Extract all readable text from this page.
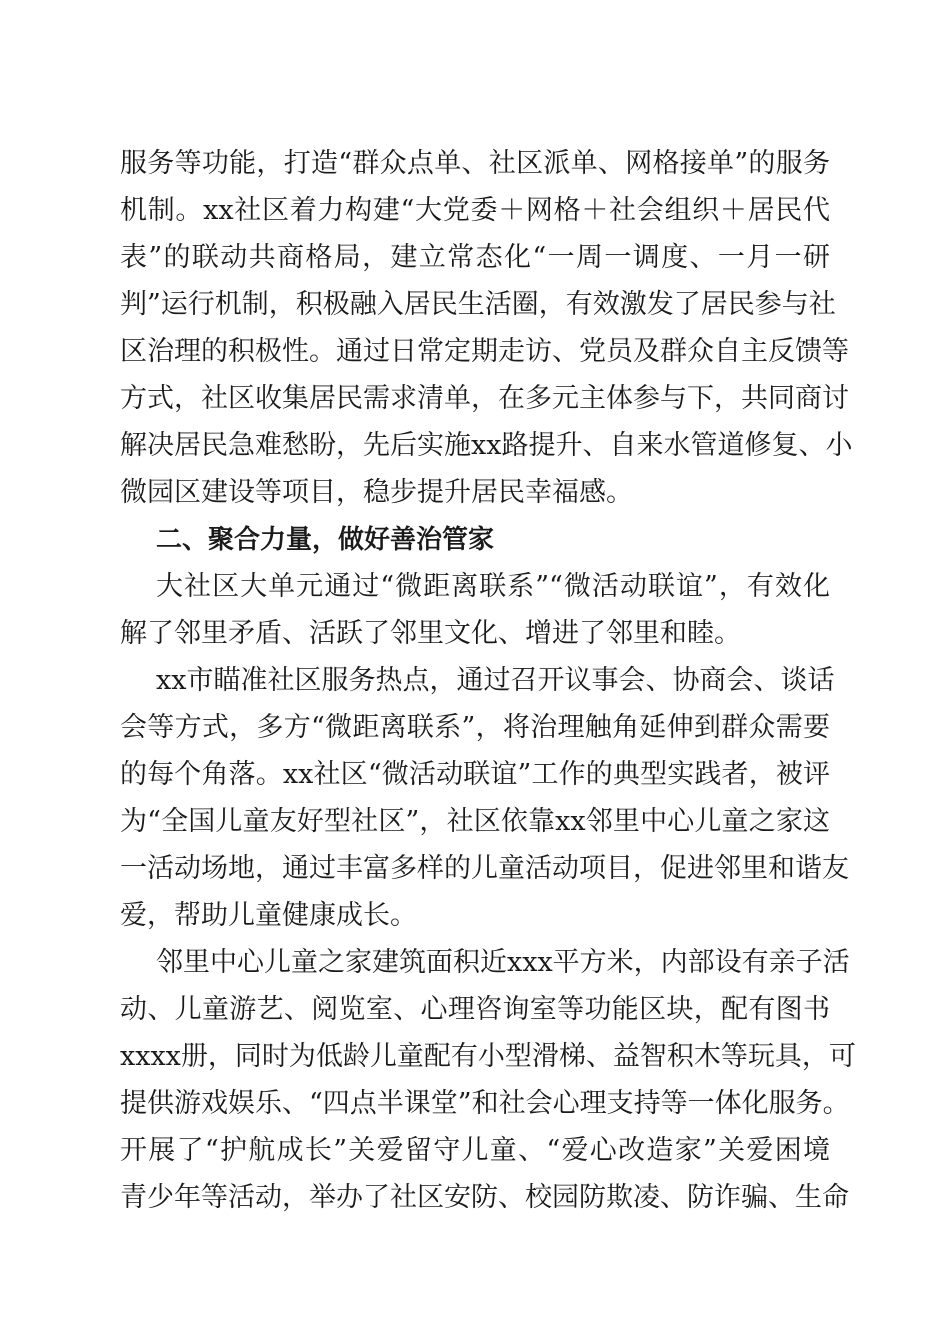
服务等功能，打造“群众点单、社区派单、网格接单”的服务
机制。xx社区着力构建“大党委＋网格＋社会组织＋居民代
表”的联动共商格局，建立常态化“一周一调度、一月一研
判”运行机制，积极融入居民生活圈，有效激发了居民参与社
区治理的积极性。通过日常定期走访、党员及群众自主反馈等
方式，社区收集居民需求清单，在多元主体参与下，共同商讨
解决居民急难愁盼，先后实施xx路提升、自来水管道修复、小
微园区建设等项目，稳步提升居民幸福感。
二、聚合力量，做好善治管家
大社区大单元通过“微距离联系”“微活动联谊”，有效化
解了邻里矛盾、活跃了邻里文化、增进了邻里和睦。
xx市瞄准社区服务热点，通过召开议事会、协商会、谈话
会等方式，多方“微距离联系”，将治理触角延伸到群众需要
的每个角落。xx社区“微活动联谊”工作的典型实践者，被评
为“全国儿童友好型社区”，社区依靠xx邻里中心儿童之家这
一活动场地，通过丰富多样的儿童活动项目，促进邻里和谐友
爱，帮助儿童健康成长。
邻里中心儿童之家建筑面积近xxx平方米，内部设有亲子活
动、儿童游艺、阅览室、心理咨询室等功能区块，配有图书
xxxx册，同时为低龄儿童配有小型滑梯、益智积木等玩具，可
提供游戏娱乐、“四点半课堂”和社会心理支持等一体化服务。
开展了“护航成长”关爱留守儿童、“爱心改造家”关爱困境
青少年等活动，举办了社区安防、校园防欺凌、防诈骗、生命
